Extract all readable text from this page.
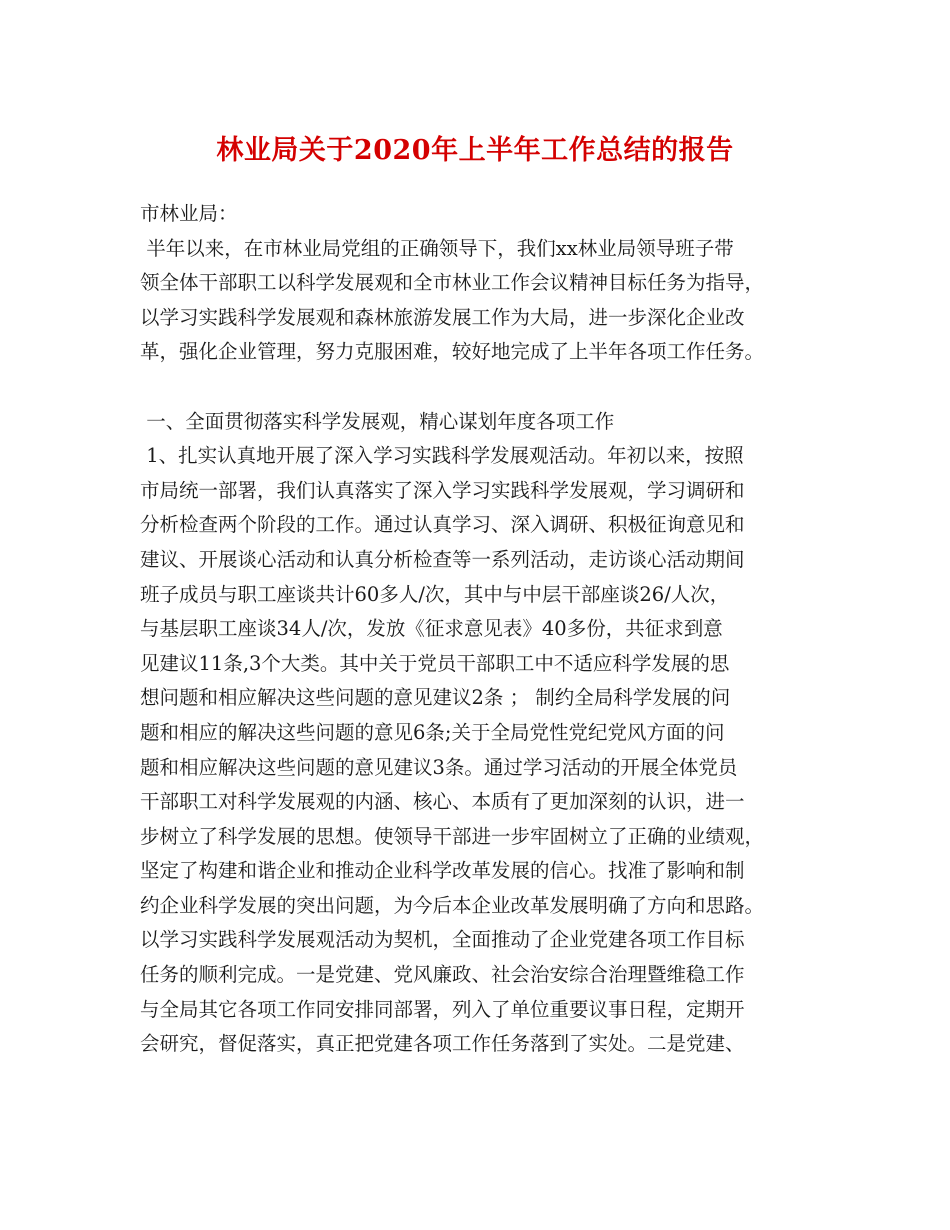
林业局关于2020年上半年工作总结的报告
市林业局：
半年以来，在市林业局党组的正确领导下，我们xx林业局领导班子带
领全体干部职工以科学发展观和全市林业工作会议精神目标任务为指导，
以学习实践科学发展观和森林旅游发展工作为大局，进一步深化企业改
革，强化企业管理，努力克服困难，较好地完成了上半年各项工作任务。
一、全面贯彻落实科学发展观，精心谋划年度各项工作
1、扎实认真地开展了深入学习实践科学发展观活动。年初以来，按照
市局统一部署，我们认真落实了深入学习实践科学发展观，学习调研和
分析检查两个阶段的工作。通过认真学习、深入调研、积极征询意见和
建议、开展谈心活动和认真分析检查等一系列活动，走访谈心活动期间
班子成员与职工座谈共计60多人/次，其中与中层干部座谈26/人次，
与基层职工座谈34人/次，发放《征求意见表》40多份，共征求到意
见建议11条,3个大类。其中关于党员干部职工中不适应科学发展的思
想问题和相应解决这些问题的意见建议2条 ； 制约全局科学发展的问
题和相应的解决这些问题的意见6条;关于全局党性党纪党风方面的问
题和相应解决这些问题的意见建议3条。通过学习活动的开展全体党员
干部职工对科学发展观的内涵、核心、本质有了更加深刻的认识，进一
步树立了科学发展的思想。使领导干部进一步牢固树立了正确的业绩观，
坚定了构建和谐企业和推动企业科学改革发展的信心。找准了影响和制
约企业科学发展的突出问题，为今后本企业改革发展明确了方向和思路。
以学习实践科学发展观活动为契机，全面推动了企业党建各项工作目标
任务的顺利完成。一是党建、党风廉政、社会治安综合治理暨维稳工作
与全局其它各项工作同安排同部署，列入了单位重要议事日程，定期开
会研究，督促落实，真正把党建各项工作任务落到了实处。二是党建、
